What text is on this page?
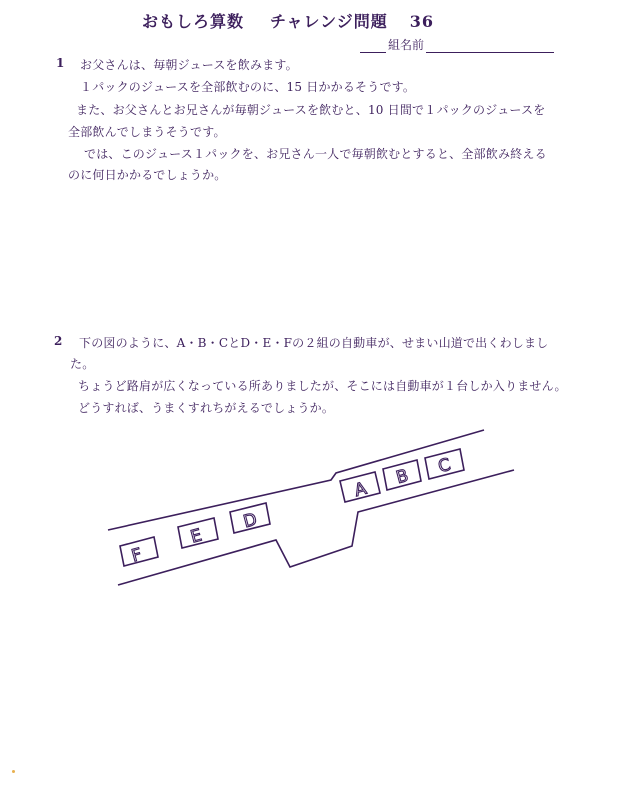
おもしろ算数 チャレンジ問題 36
組名前
1 お父さんは、毎朝ジュースを飲みます。
１パックのジュースを全部飲むのに、15 日かかるそうです。
また、お父さんとお兄さんが毎朝ジュースを飲むと、10 日間で１パックのジュースを
全部飲んでしまうそうです。
では、このジュース１パックを、お兄さん一人で毎朝飲むとすると、全部飲み終える
のに何日かかるでしょうか。
2 下の図のように、A・B・CとD・E・Fの２組の自動車が、せまい山道で出くわしまし
た。
ちょうど路肩が広くなっている所ありましたが、そこには自動車が１台しか入りません。
どうすれば、うまくすれちがえるでしょうか。
F
E
D
A
B C
